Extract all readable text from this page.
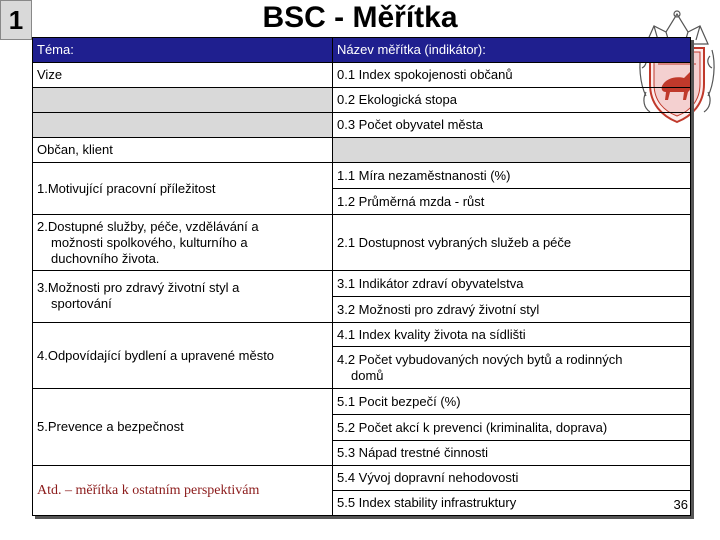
1	BSC - Měřítka
Téma:	Název měřítka (indikátor):
Vize	0.1 Index spokojenosti občanů
	0.2 Ekologická stopa
	0.3 Počet obyvatel města
Občan, klient	
1.Motivující pracovní příležitost	1.1 Míra nezaměstnanosti (%)
	1.2 Průměrná mzda - růst
2.Dostupné služby, péče, vzdělávání a
možnosti spolkového, kulturního a
duchovního života.	2.1 Dostupnost vybraných služeb a péče
3.Možnosti pro zdravý životní styl a
sportování	3.1 Indikátor zdraví obyvatelstva
	3.2 Možnosti pro zdravý životní styl
4.Odpovídající bydlení a upravené město	4.1 Index kvality života na sídlišti
	4.2 Počet vybudovaných nových bytů a rodinných
domů

5.Prevence a bezpečnost	5.1 Pocit bezpečí (%)
	5.2 Počet akcí k prevenci (kriminalita, doprava)
	5.3 Nápad trestné činnosti
Atd. – měřítka k ostatním perspektivám	5.4 Vývoj dopravní nehodovosti
	5.5 Index stability infrastruktury	36
